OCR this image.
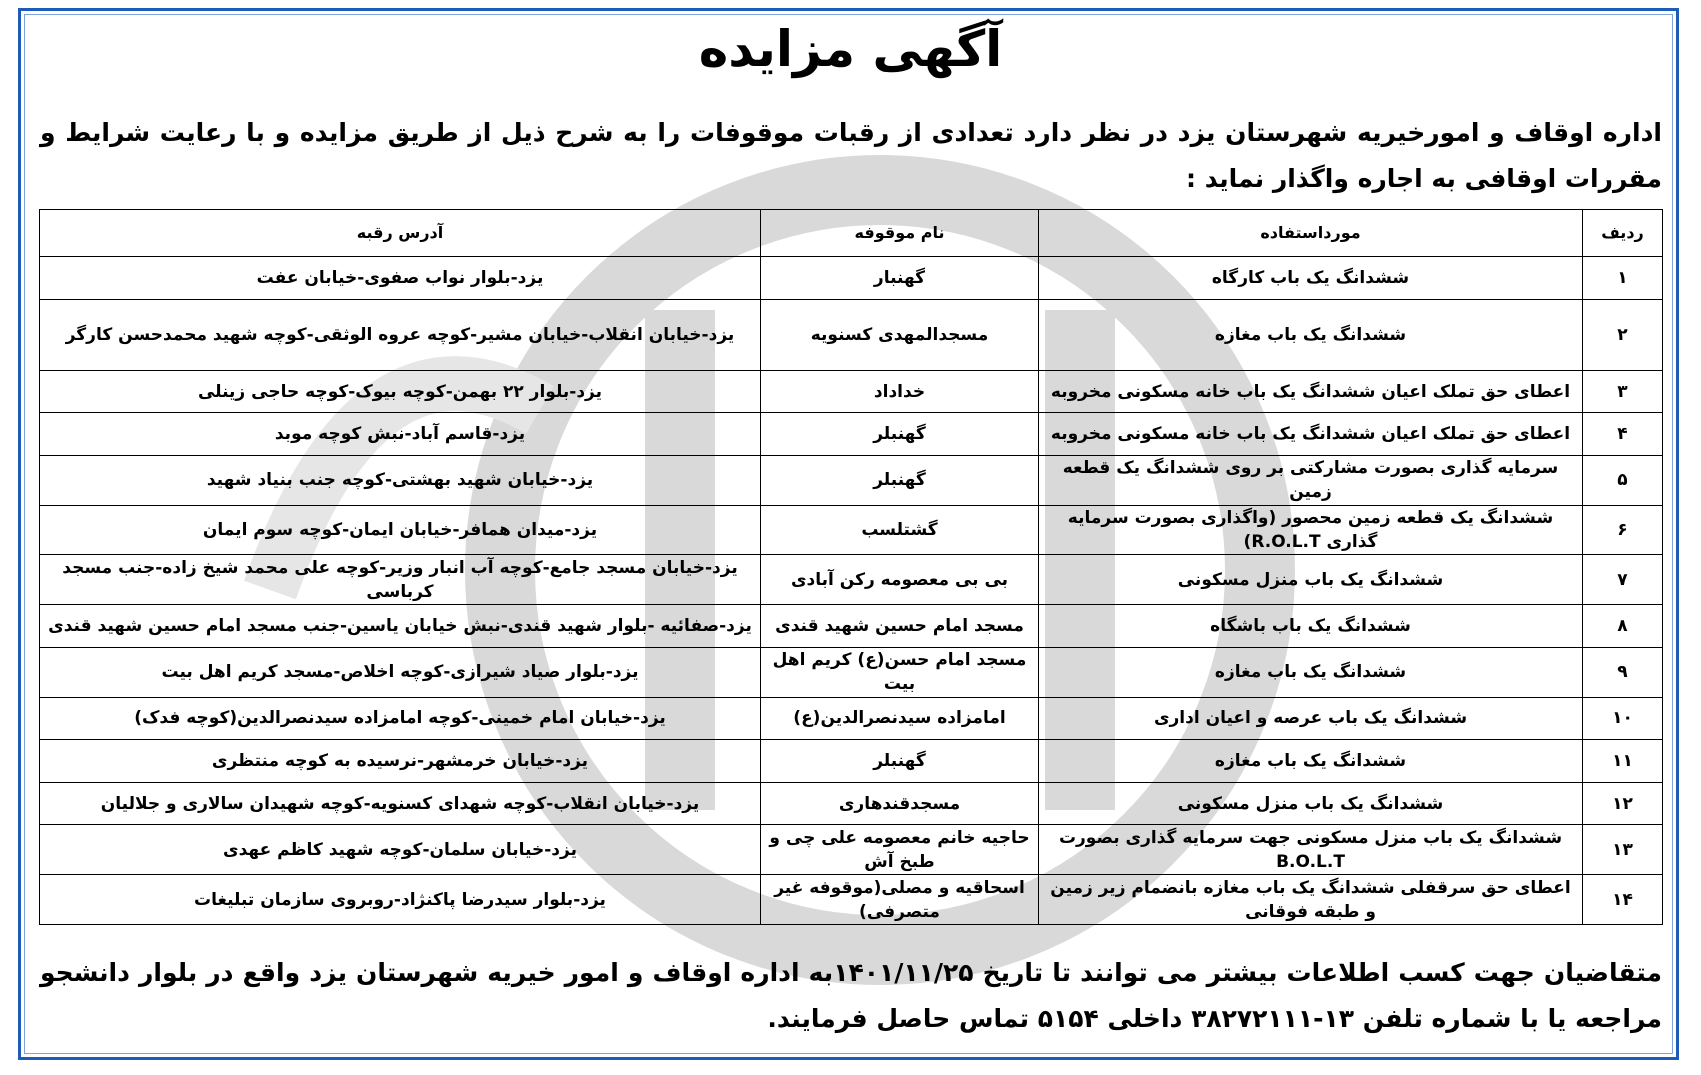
آگهی مزایده
اداره اوقاف و امورخیریه شهرستان یزد در نظر دارد تعدادی از رقبات موقوفات را به شرح ذیل از طریق مزایده و با رعایت شرایط و مقررات اوقافی به اجاره واگذار نماید :
ردیف	مورداستفاده	نام موقوفه	آدرس رقبه
۱	ششدانگ یک باب کارگاه	گهنبار	یزد-بلوار نواب صفوی-خیابان عفت
۲	ششدانگ یک باب مغازه	مسجدالمهدی کسنویه	یزد-خیابان انقلاب-خیابان مشیر-کوچه عروه الوثقی-کوچه شهید محمدحسن کارگر
۳	اعطای حق تملک اعیان ششدانگ یک باب خانه مسکونی مخروبه	خداداد	یزد-بلوار ۲۲ بهمن-کوچه بیوک-کوچه حاجی زینلی
۴	اعطای حق تملک اعیان ششدانگ یک باب خانه مسکونی مخروبه	گهنبلر	یزد-قاسم آباد-نبش کوچه موبد
۵	سرمایه گذاری بصورت مشارکتی بر روی ششدانگ یک قطعه زمین	گهنبلر	یزد-خیابان شهید بهشتی-کوچه جنب بنیاد شهید
۶	ششدانگ یک قطعه زمین محصور (واگذاری بصورت سرمایه گذاری R.O.L.T)	گشتلسب	یزد-میدان همافر-خیابان ایمان-کوچه سوم ایمان
۷	ششدانگ یک باب منزل مسکونی	بی بی معصومه رکن آبادی	یزد-خیابان مسجد جامع-کوچه آب انبار وزیر-کوچه علی محمد شیخ زاده-جنب مسجد کرباسی
۸	ششدانگ یک باب باشگاه	مسجد امام حسین شهید قندی	یزد-صفائیه -بلوار شهید قندی-نبش خیابان یاسین-جنب مسجد امام حسین شهید قندی
۹	ششدانگ یک باب مغازه	مسجد امام حسن(ع) کریم اهل بیت	یزد-بلوار صیاد شیرازی-کوچه اخلاص-مسجد کریم اهل بیت
۱۰	ششدانگ یک باب عرصه و اعیان اداری	امامزاده سیدنصرالدین(ع)	یزد-خیابان امام خمینی-کوچه امامزاده سیدنصرالدین(کوچه فدک)
۱۱	ششدانگ یک باب مغازه	گهنبلر	یزد-خیابان خرمشهر-نرسیده به کوچه منتظری
۱۲	ششدانگ یک باب منزل مسکونی	مسجدقندهاری	یزد-خیابان انقلاب-کوچه شهدای کسنویه-کوچه شهیدان سالاری و جلالیان
۱۳	ششدانگ یک باب منزل مسکونی جهت سرمایه گذاری بصورت B.O.L.T	حاجیه خانم معصومه علی چی و طبخ آش	یزد-خیابان سلمان-کوچه شهید کاظم عهدی
۱۴	اعطای حق سرقفلی ششدانگ یک باب مغازه بانضمام زیر زمین و طبقه فوقانی	اسحاقیه و مصلی(موقوفه غیر متصرفی)	یزد-بلوار سیدرضا پاکنژاد-روبروی سازمان تبلیغات
متقاضیان جهت کسب اطلاعات بیشتر می توانند تا تاریخ ۱۴۰۱/۱۱/۲۵به اداره اوقاف و امور خیریه شهرستان یزد واقع در بلوار دانشجو مراجعه یا با شماره تلفن ۱۳-۳۸۲۷۲۱۱۱ داخلی ۵۱۵۴ تماس حاصل فرمایند.
